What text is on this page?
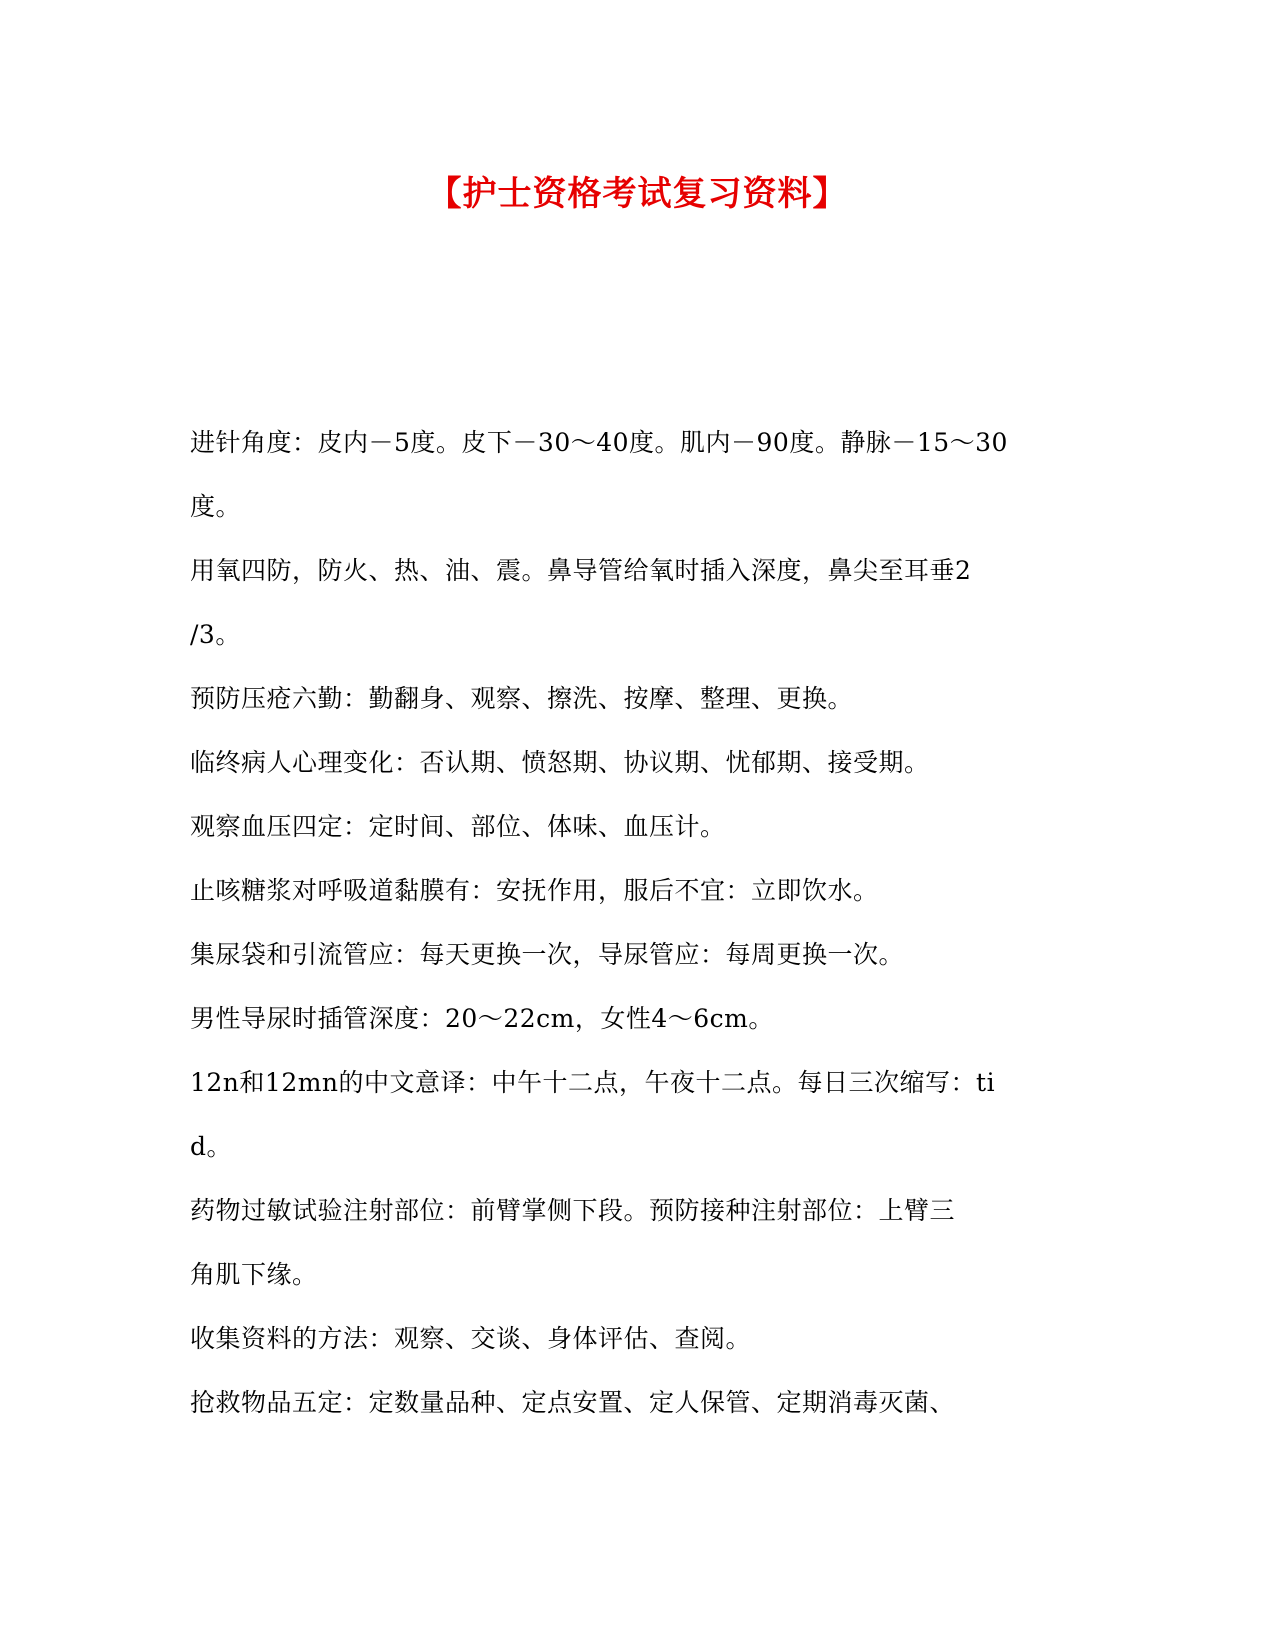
【护士资格考试复习资料】
进针角度：皮内－5度。皮下－30～40度。肌内－90度。静脉－15～30
度。
用氧四防，防火、热、油、震。鼻导管给氧时插入深度，鼻尖至耳垂2
/3。
预防压疮六勤：勤翻身、观察、擦洗、按摩、整理、更换。
临终病人心理变化：否认期、愤怒期、协议期、忧郁期、接受期。
观察血压四定：定时间、部位、体味、血压计。
止咳糖浆对呼吸道黏膜有：安抚作用，服后不宜：立即饮水。
集尿袋和引流管应：每天更换一次，导尿管应：每周更换一次。
男性导尿时插管深度：20～22cm，女性4～6cm。
12n和12mn的中文意译：中午十二点，午夜十二点。每日三次缩写：ti
d。
药物过敏试验注射部位：前臂掌侧下段。预防接种注射部位：上臂三
角肌下缘。
收集资料的方法：观察、交谈、身体评估、查阅。
抢救物品五定：定数量品种、定点安置、定人保管、定期消毒灭菌、
